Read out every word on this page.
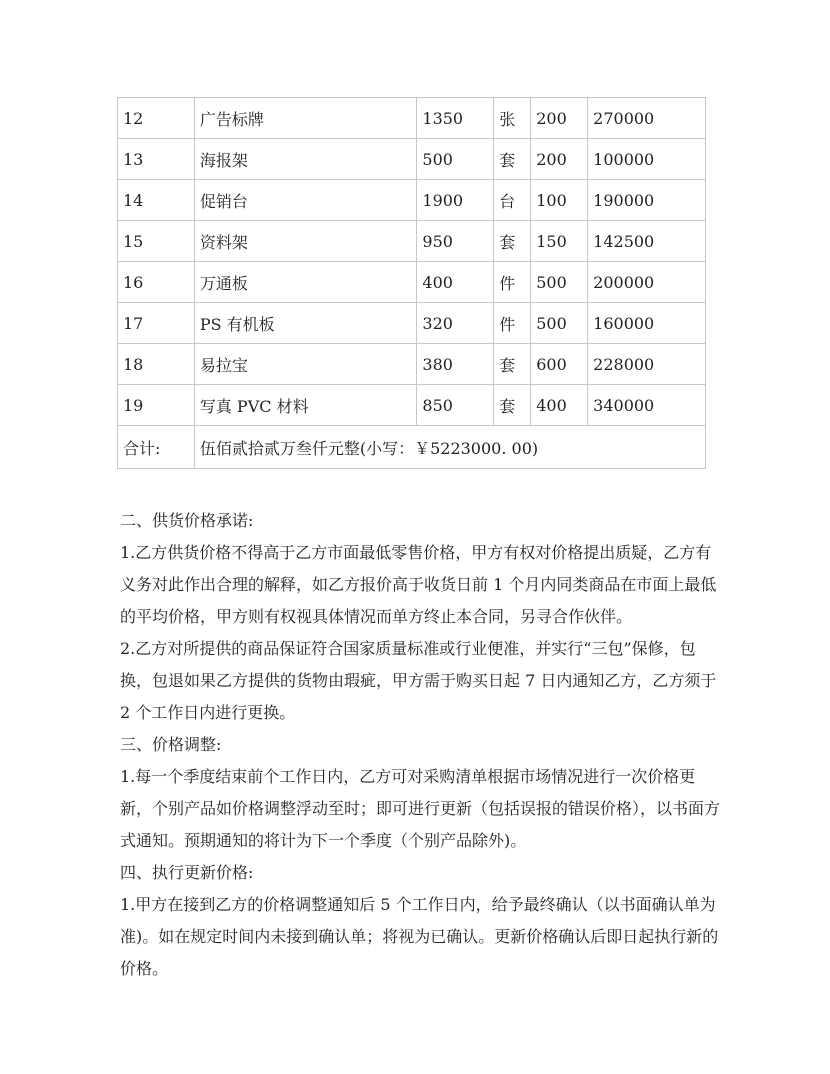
12	广告标牌	1350	张	200	270000
13	海报架	500	套	200	100000
14	促销台	1900	台	100	190000
15	资料架	950	套	150	142500
16	万通板	400	件	500	200000
17	PS 有机板	320	件	500	160000
18	易拉宝	380	套	600	228000
19	写真 PVC 材料	850	套	400	340000
合计:	伍佰贰拾贰万叁仟元整(小写：￥5223000. 00)				

二、供货价格承诺:

1.乙方供货价格不得高于乙方市面最低零售价格，甲方有权对价格提出质疑，乙方有义务对此作出合理的解释，如乙方报价高于收货日前 1 个月内同类商品在市面上最低的平均价格，甲方则有权视具体情况而单方终止本合同，另寻合作伙伴。

2.乙方对所提供的商品保证符合国家质量标准或行业便准，并实行“三包”保修，包换，包退如果乙方提供的货物由瑕疵，甲方需于购买日起 7 日内通知乙方，乙方须于 2 个工作日内进行更换。

三、价格调整:

1.每一个季度结束前个工作日内，乙方可对采购清单根据市场情况进行一次价格更新，个别产品如价格调整浮动至时；即可进行更新（包括误报的错误价格），以书面方式通知。预期通知的将计为下一个季度（个别产品除外)。

四、执行更新价格:

1.甲方在接到乙方的价格调整通知后 5 个工作日内，给予最终确认（以书面确认单为准)。如在规定时间内未接到确认单；将视为已确认。更新价格确认后即日起执行新的价格。
